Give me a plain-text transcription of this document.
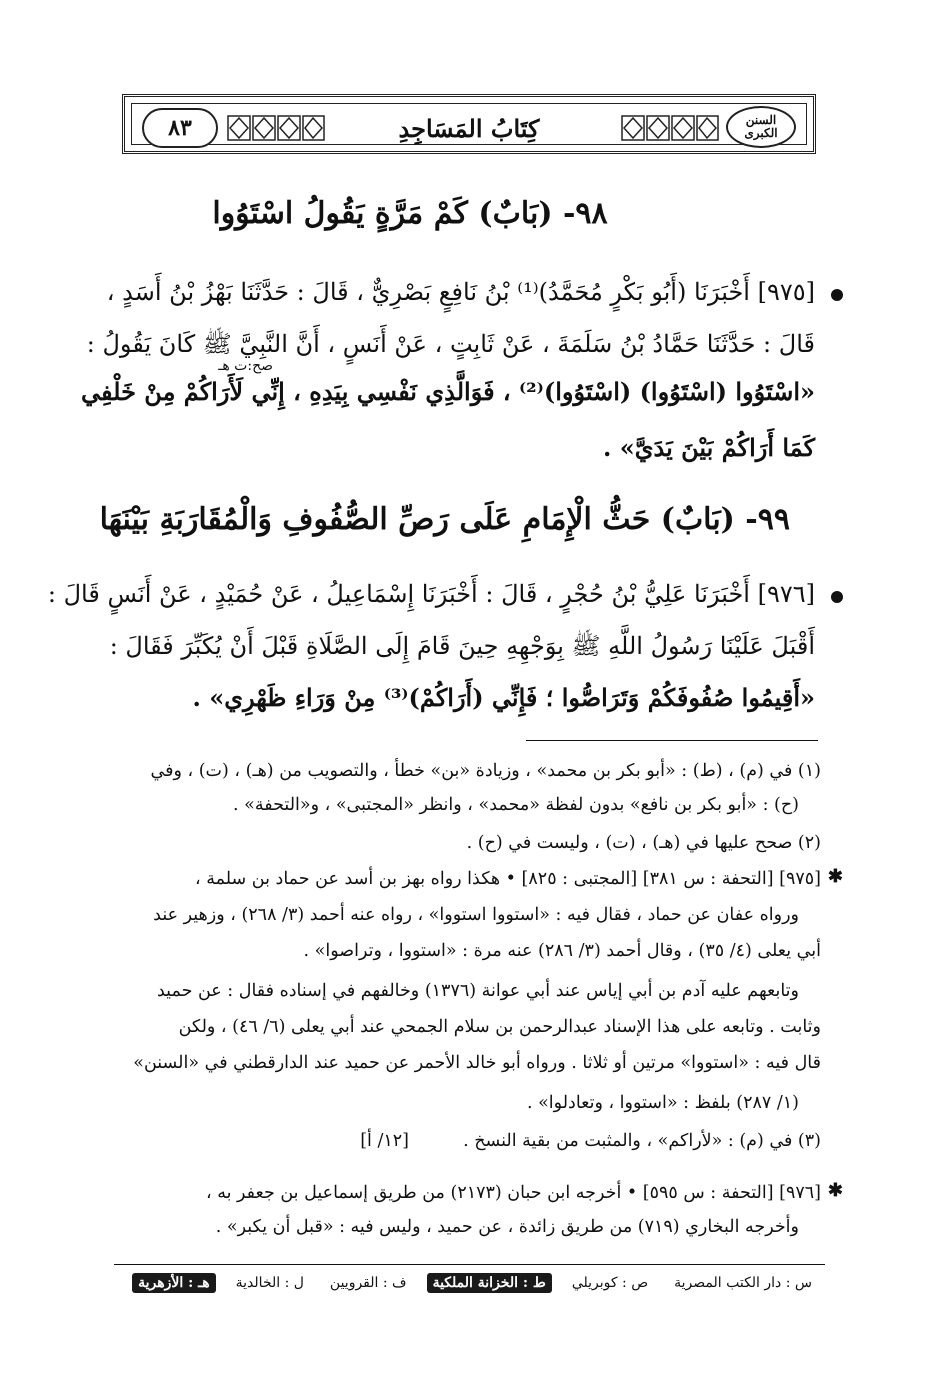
٨٣	كِتَابُ المَسَاجِدِ	السنن الكبرى
٩٨- (بَابٌ) كَمْ مَرَّةٍ يَقُولُ اسْتَوُوا
[٩٧٥] أَخْبَرَنَا (أَبُو بَكْرٍ مُحَمَّدُ)⁽¹⁾ بْنُ نَافِعٍ بَصْرِيٌّ ، قَالَ : حَدَّثَنَا بَهْزُ بْنُ أَسَدٍ ،
قَالَ : حَدَّثَنَا حَمَّادُ بْنُ سَلَمَةَ ، عَنْ ثَابِتٍ ، عَنْ أَنَسٍ ، أَنَّ النَّبِيَّ ﷺ كَانَ يَقُولُ :
صح:ت هـ
«اسْتَوُوا (اسْتَوُوا) (اسْتَوُوا)⁽²⁾ ، فَوَالَّذِي نَفْسِي بِيَدِهِ ، إِنِّي لَأَرَاكُمْ مِنْ خَلْفِي
كَمَا أَرَاكُمْ بَيْنَ يَدَيَّ» .
٩٩- (بَابٌ) حَثُّ الْإِمَامِ عَلَى رَصِّ الصُّفُوفِ وَالْمُقَارَبَةِ بَيْنَهَا
[٩٧٦] أَخْبَرَنَا عَلِيُّ بْنُ حُجْرٍ ، قَالَ : أَخْبَرَنَا إِسْمَاعِيلُ ، عَنْ حُمَيْدٍ ، عَنْ أَنَسٍ قَالَ :
أَقْبَلَ عَلَيْنَا رَسُولُ اللَّهِ ﷺ بِوَجْهِهِ حِينَ قَامَ إِلَى الصَّلَاةِ قَبْلَ أَنْ يُكَبِّرَ فَقَالَ :
«أَقِيمُوا صُفُوفَكُمْ وَتَرَاصُّوا ؛ فَإِنِّي (أَرَاكُمْ)⁽³⁾ مِنْ وَرَاءِ ظَهْرِي» .
(١) في (م) ، (ط) : «أبو بكر بن محمد» ، وزيادة «بن» خطأ ، والتصويب من (هـ) ، (ت) ، وفي
(ح) : «أبو بكر بن نافع» بدون لفظة «محمد» ، وانظر «المجتبى» ، و«التحفة» .
(٢) صحح عليها في (هـ) ، (ت) ، وليست في (ح) .
✱
[٩٧٥] [التحفة : س ٣٨١] [المجتبى : ٨٢٥] • هكذا رواه بهز بن أسد عن حماد بن سلمة ،
ورواه عفان عن حماد ، فقال فيه : «استووا استووا» ، رواه عنه أحمد (٣/ ٢٦٨) ، وزهير عند
أبي يعلى (٤/ ٣٥) ، وقال أحمد (٣/ ٢٨٦) عنه مرة : «استووا ، وتراصوا» .
وتابعهم عليه آدم بن أبي إياس عند أبي عوانة (١٣٧٦) وخالفهم في إسناده فقال : عن حميد
وثابت . وتابعه على هذا الإسناد عبدالرحمن بن سلام الجمحي عند أبي يعلى (٦/ ٤٦) ، ولكن
قال فيه : «استووا» مرتين أو ثلاثا . ورواه أبو خالد الأحمر عن حميد عند الدارقطني في «السنن»
(١/ ٢٨٧) بلفظ : «استووا ، وتعادلوا» .
(٣) في (م) : «لأراكم» ، والمثبت من بقية النسخ .
[١٢/ أ]
✱
[٩٧٦] [التحفة : س ٥٩٥] • أخرجه ابن حبان (٢١٧٣) من طريق إسماعيل بن جعفر به ،
وأخرجه البخاري (٧١٩) من طريق زائدة ، عن حميد ، وليس فيه : «قبل أن يكبر» .
س : دار الكتب المصرية
ص : كوبريلي
ط : الخزانة الملكية
ف : القرويين
ل : الخالدية
هـ : الأزهرية
